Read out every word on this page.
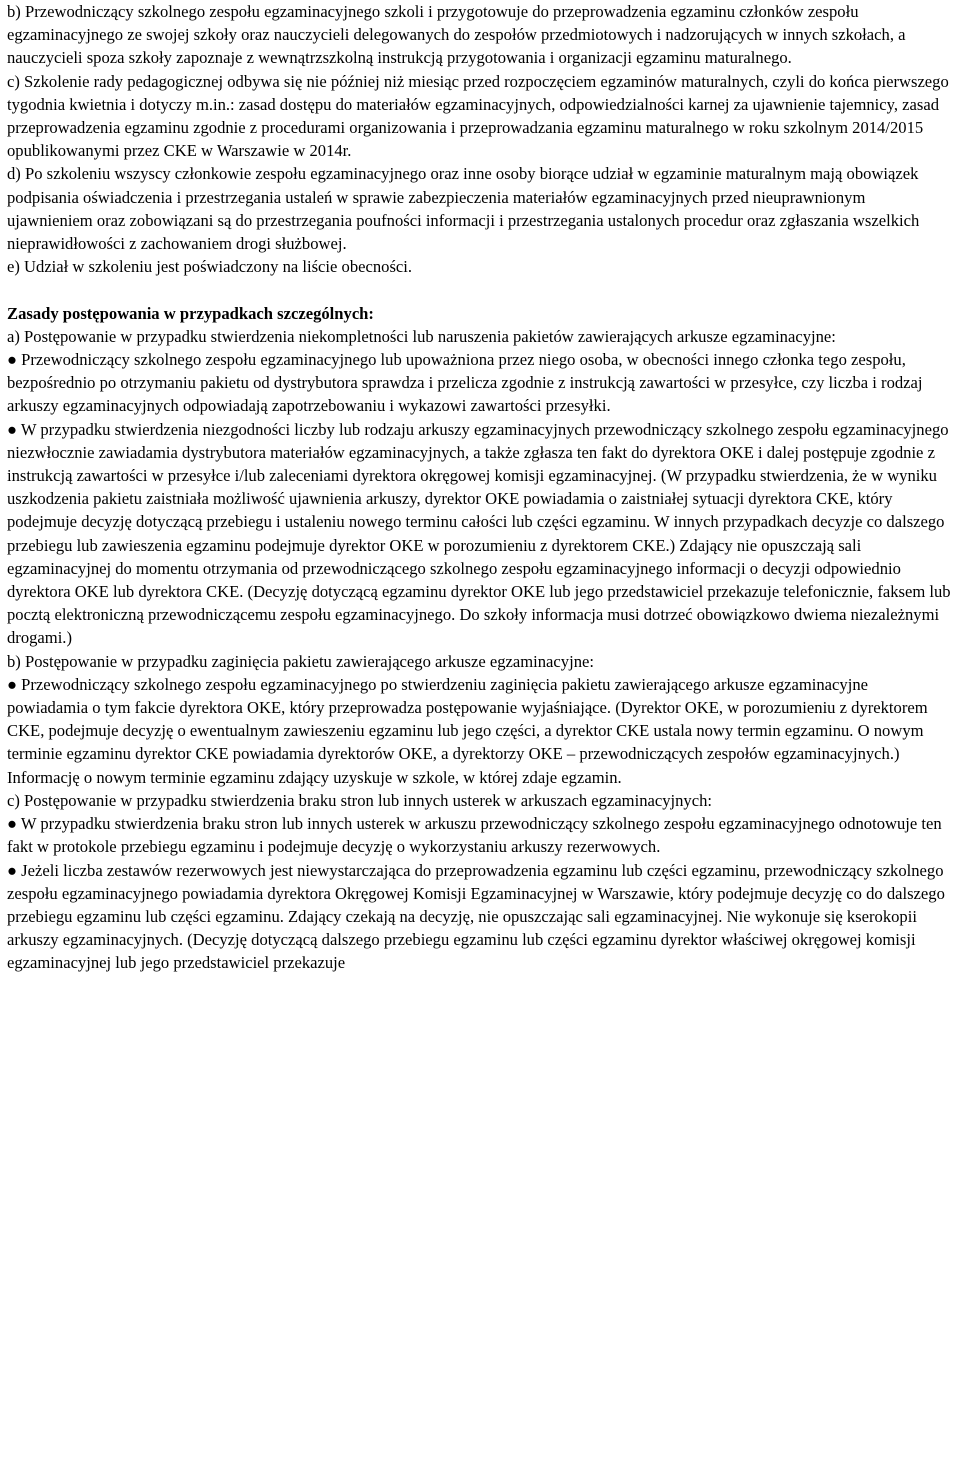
b) Przewodniczący szkolnego zespołu egzaminacyjnego szkoli i przygotowuje do przeprowadzenia egzaminu członków zespołu egzaminacyjnego ze swojej szkoły oraz nauczycieli delegowanych do zespołów przedmiotowych i nadzorujących w innych szkołach, a nauczycieli spoza szkoły zapoznaje z wewnątrzszkolną instrukcją przygotowania i organizacji egzaminu maturalnego.

c) Szkolenie rady pedagogicznej odbywa się nie później niż miesiąc przed rozpoczęciem egzaminów maturalnych, czyli do końca pierwszego tygodnia kwietnia i dotyczy m.in.: zasad dostępu do materiałów egzaminacyjnych, odpowiedzialności karnej za ujawnienie tajemnicy, zasad przeprowadzenia egzaminu zgodnie z procedurami organizowania i przeprowadzania egzaminu maturalnego w roku szkolnym 2014/2015 opublikowanymi przez CKE w Warszawie w 2014r.

d) Po szkoleniu wszyscy członkowie zespołu egzaminacyjnego oraz inne osoby biorące udział w egzaminie maturalnym mają obowiązek podpisania oświadczenia i przestrzegania ustaleń w sprawie zabezpieczenia materiałów egzaminacyjnych przed nieuprawnionym ujawnieniem oraz zobowiązani są do przestrzegania poufności informacji i przestrzegania ustalonych procedur oraz zgłaszania wszelkich nieprawidłowości z zachowaniem drogi służbowej.

e) Udział w szkoleniu jest poświadczony na liście obecności.

Zasady postępowania w przypadkach szczególnych:

a) Postępowanie w przypadku stwierdzenia niekompletności lub naruszenia pakietów zawierających arkusze egzaminacyjne:

● Przewodniczący szkolnego zespołu egzaminacyjnego lub upoważniona przez niego osoba, w obecności innego członka tego zespołu, bezpośrednio po otrzymaniu pakietu od dystrybutora sprawdza i przelicza zgodnie z instrukcją zawartości w przesyłce, czy liczba i rodzaj arkuszy egzaminacyjnych odpowiadają zapotrzebowaniu i wykazowi zawartości przesyłki.

● W przypadku stwierdzenia niezgodności liczby lub rodzaju arkuszy egzaminacyjnych przewodniczący szkolnego zespołu egzaminacyjnego niezwłocznie zawiadamia dystrybutora materiałów egzaminacyjnych, a także zgłasza ten fakt do dyrektora OKE i dalej postępuje zgodnie z instrukcją zawartości w przesyłce i/lub zaleceniami dyrektora okręgowej komisji egzaminacyjnej. (W przypadku stwierdzenia, że w wyniku uszkodzenia pakietu zaistniała możliwość ujawnienia arkuszy, dyrektor OKE powiadamia o zaistniałej sytuacji dyrektora CKE, który podejmuje decyzję dotyczącą przebiegu i ustaleniu nowego terminu całości lub części egzaminu. W innych przypadkach decyzje co dalszego przebiegu lub zawieszenia egzaminu podejmuje dyrektor OKE w porozumieniu z dyrektorem CKE.) Zdający nie opuszczają sali egzaminacyjnej do momentu otrzymania od przewodniczącego szkolnego zespołu egzaminacyjnego informacji o decyzji odpowiednio dyrektora OKE lub dyrektora CKE. (Decyzję dotyczącą egzaminu dyrektor OKE lub jego przedstawiciel przekazuje telefonicznie, faksem lub pocztą elektroniczną przewodniczącemu zespołu egzaminacyjnego. Do szkoły informacja musi dotrzeć obowiązkowo dwiema niezależnymi drogami.)

b) Postępowanie w przypadku zaginięcia pakietu zawierającego arkusze egzaminacyjne:

● Przewodniczący szkolnego zespołu egzaminacyjnego po stwierdzeniu zaginięcia pakietu zawierającego arkusze egzaminacyjne powiadamia o tym fakcie dyrektora OKE, który przeprowadza postępowanie wyjaśniające. (Dyrektor OKE, w porozumieniu z dyrektorem CKE, podejmuje decyzję o ewentualnym zawieszeniu egzaminu lub jego części, a dyrektor CKE ustala nowy termin egzaminu. O nowym terminie egzaminu dyrektor CKE powiadamia dyrektorów OKE, a dyrektorzy OKE – przewodniczących zespołów egzaminacyjnych.) Informację o nowym terminie egzaminu zdający uzyskuje w szkole, w której zdaje egzamin.

c) Postępowanie w przypadku stwierdzenia braku stron lub innych usterek w arkuszach egzaminacyjnych:

● W przypadku stwierdzenia braku stron lub innych usterek w arkuszu przewodniczący szkolnego zespołu egzaminacyjnego odnotowuje ten fakt w protokole przebiegu egzaminu i podejmuje decyzję o wykorzystaniu arkuszy rezerwowych.

● Jeżeli liczba zestawów rezerwowych jest niewystarczająca do przeprowadzenia egzaminu lub części egzaminu, przewodniczący szkolnego zespołu egzaminacyjnego powiadamia dyrektora Okręgowej Komisji Egzaminacyjnej w Warszawie, który podejmuje decyzję co do dalszego przebiegu egzaminu lub części egzaminu. Zdający czekają na decyzję, nie opuszczając sali egzaminacyjnej. Nie wykonuje się kserokopii arkuszy egzaminacyjnych. (Decyzję dotyczącą dalszego przebiegu egzaminu lub części egzaminu dyrektor właściwej okręgowej komisji egzaminacyjnej lub jego przedstawiciel przekazuje
